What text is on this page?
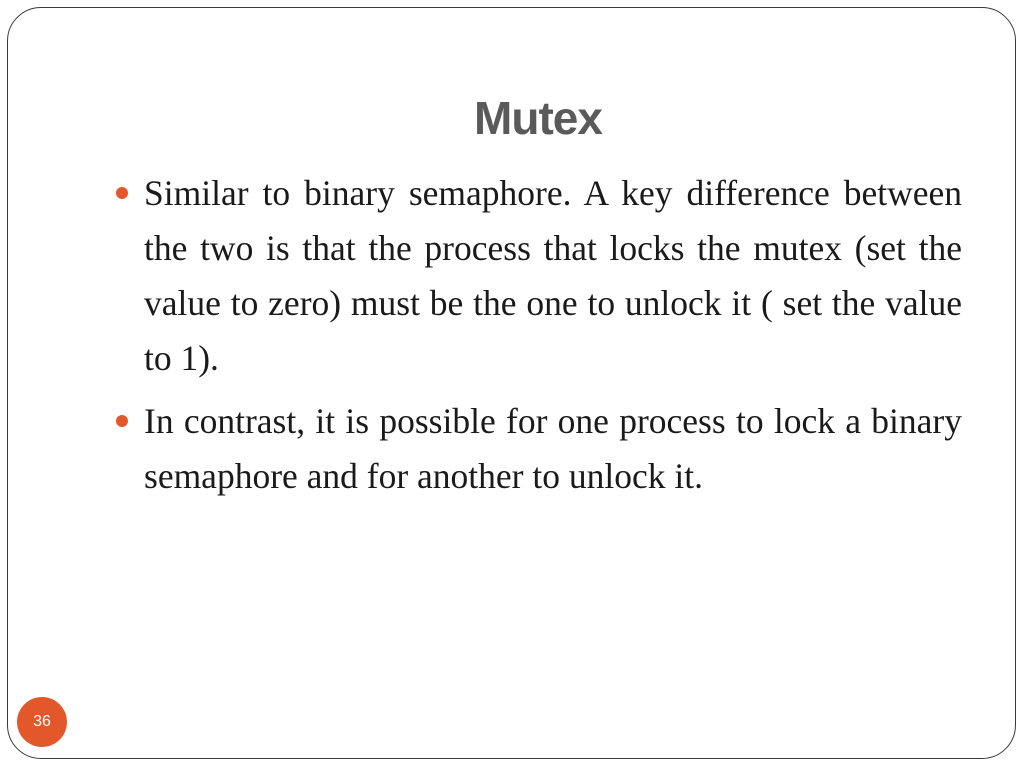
Mutex

Similar to binary semaphore. A key difference between the two is that the process that locks the mutex (set the value to zero) must be the one to unlock it ( set the value to 1).

In contrast, it is possible for one process to lock a binary semaphore and for another to unlock it.

36
